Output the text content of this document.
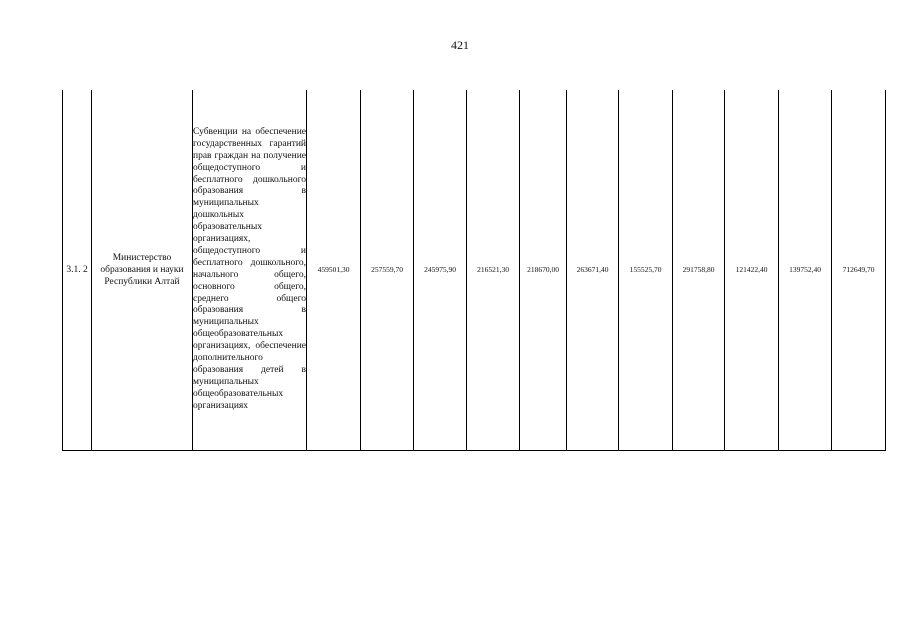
421
3.1. 2	Министерство образования и науки Республики Алтай	Субвенции на обеспечение государственных гарантий прав граждан на получение общедоступного и бесплатного дошкольного образования в муниципальных дошкольных образовательных организациях, общедоступного и бесплатного дошкольного, начального общего, основного общего, среднего общего образования в муниципальных общеобразовательных организациях, обеспечение дополнительного образования детей в муниципальных общеобразовательных организациях	459501,30	257559,70	245975,90	216521,30	218670,00	263671,40	155525,70	291758,80	121422,40	139752,40	712649,70
